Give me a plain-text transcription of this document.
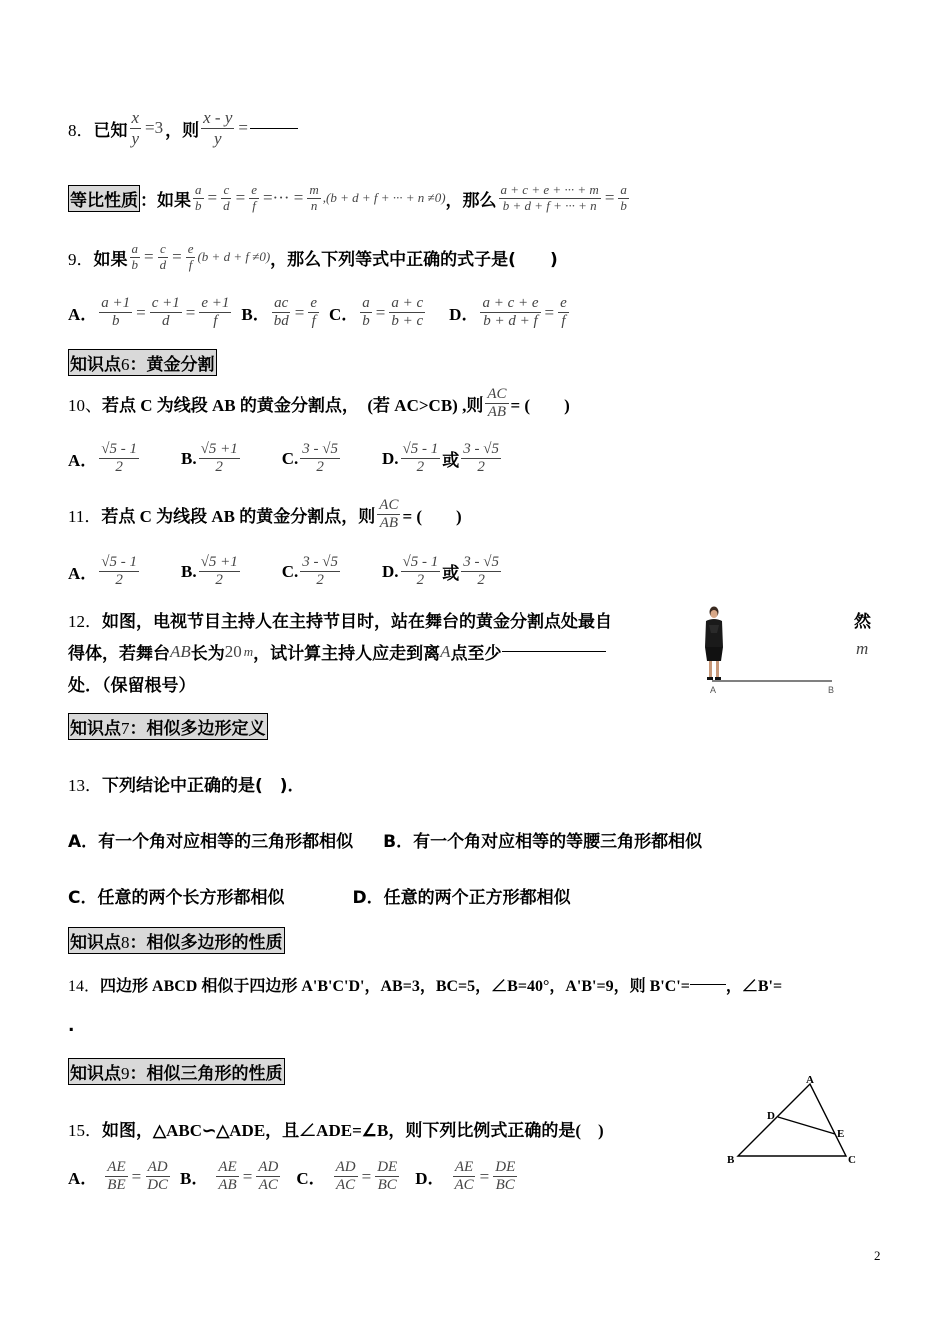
8． 已知 $\frac{x}{y} =3$ ，则 $\frac{x - y}{y}$ =
等比性质 ：如果 $\frac{a}{b} = \frac{c}{d} = \frac{e}{f}$ =··· = $\frac{m}{n} ,(b + d + f$ + ··· + n ≠0) ，那么 $\frac{a + c + e + \cdot\cdot\cdot + m}{b + d + f + \cdot\cdot\cdot + n} = \frac{a}{b}$
9． 如果 $\frac{a}{b} = \frac{c}{d} = \frac{e}{f} (b + d + f \ne 0)$ ，那么下列等式中正确的式子是(　　)
A． $\frac{a +1}{b} = \frac{c +1}{d} = \frac{e +1}{f}$ B． $\frac{ac}{bd} = \frac{e}{f}$ C． $\frac{a}{b} = \frac{a + c}{b + c}$ D． $\frac{a + c + e}{b + d + f} = \frac{e}{f}$
知识点6：黄金分割
10、 若点 C 为线段 AB 的黄金分割点，　(若 AC>CB) ,则 $\frac{AC}{AB}$ = (　　)
A． $\frac{√5 - 1}{2} B$. $\frac{√5 +1}{2} C$. $\frac{3 - √5}{2} D$. $\frac{√5 - 1}{2}$ 或 $\frac{3 - √5}{2}$
11． 若点 C 为线段 AB 的黄金分割点，则 $\frac{AC}{AB}$ = (　　)
A． $\frac{√5 - 1}{2} B$. $\frac{√5 +1}{2} C$. $\frac{3 - √5}{2} D$. $\frac{√5 - 1}{2}$ 或 $\frac{3 - √5}{2}$
12． 如图，电视节目主持人在主持节目时，站在舞台的黄金分割点处最自	然
得体，若舞台 AB 长为 20 m ，试计算主持人应走到离 A 点至少	m
处．（保留根号）	A	B
知识点7：相似多边形定义
13． 下列结论中正确的是(　)．
A．有一个角对应相等的三角形都相似 B．有一个角对应相等的等腰三角形都相似
C．任意的两个长方形都相似	D．任意的两个正方形都相似
知识点8：相似多边形的性质
14． 四边形 ABCD 相似于四边形 A'B'C'D'，AB=3，BC=5，∠B=40°，A'B'=9，则 B'C'= ，∠B'=
.
知识点9：相似三角形的性质
15． 如图， △ABC∽△ADE，且∠ADE=∠B，则下列比例式正确的是(　)
A． $\frac{AE}{BE} = \frac{AD}{DC}$ B． $\frac{AE}{AB} = \frac{AD}{AC}$ C． $\frac{AD}{AC} = \frac{DE}{BC}$ D． $\frac{AE}{AC} = \frac{DE}{BC}$
A
D
E
B	C
2
